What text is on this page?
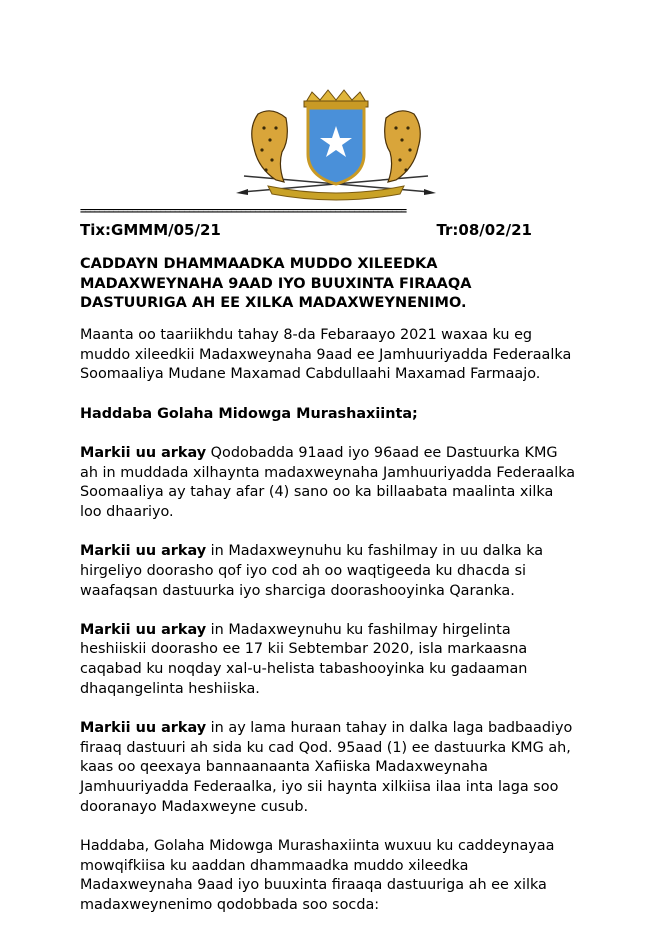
=====================================================================
Tix:GMMM/05/21	Tr:08/02/21
CADDAYN DHAMMAADKA MUDDO XILEEDKA
MADAXWEYNAHA 9AAD IYO BUUXINTA FIRAAQA
DASTUURIGA AH EE XILKA MADAXWEYNENIMO.

Maanta oo taariikhdu tahay 8-da Febaraayo 2021 waxaa ku eg
muddo xileedkii Madaxweynaha 9aad ee Jamhuuriyadda Federaalka
Soomaaliya Mudane Maxamad Cabdullaahi Maxamad Farmaajo.

Haddaba Golaha Midowga Murashaxiinta;

Markii uu arkay Qodobadda 91aad iyo 96aad ee Dastuurka KMG
ah in muddada xilhaynta madaxweynaha Jamhuuriyadda Federaalka
Soomaaliya ay tahay afar (4) sano oo ka billaabata maalinta xilka
loo dhaariyo.

Markii uu arkay in Madaxweynuhu ku fashilmay in uu dalka ka
hirgeliyo doorasho qof iyo cod ah oo waqtigeeda ku dhacda si
waafaqsan dastuurka iyo sharciga doorashooyinka Qaranka.

Markii uu arkay in Madaxweynuhu ku fashilmay hirgelinta
heshiiskii doorasho ee 17 kii Sebtembar 2020, isla markaasna
caqabad ku noqday xal-u-helista tabashooyinka ku gadaaman
dhaqangelinta heshiiska.

Markii uu arkay in ay lama huraan tahay in dalka laga badbaadiyo
firaaq dastuuri ah sida ku cad Qod. 95aad (1) ee dastuurka KMG ah,
kaas oo qeexaya bannaanaanta Xafiiska Madaxweynaha
Jamhuuriyadda Federaalka, iyo sii haynta xilkiisa ilaa inta laga soo
dooranayo Madaxweyne cusub.

Haddaba, Golaha Midowga Murashaxiinta wuxuu ku caddeynayaa
mowqifkiisa ku aaddan dhammaadka muddo xileedka
Madaxweynaha 9aad iyo buuxinta firaaqa dastuuriga ah ee xilka
madaxweynenimo qodobbada soo socda:
